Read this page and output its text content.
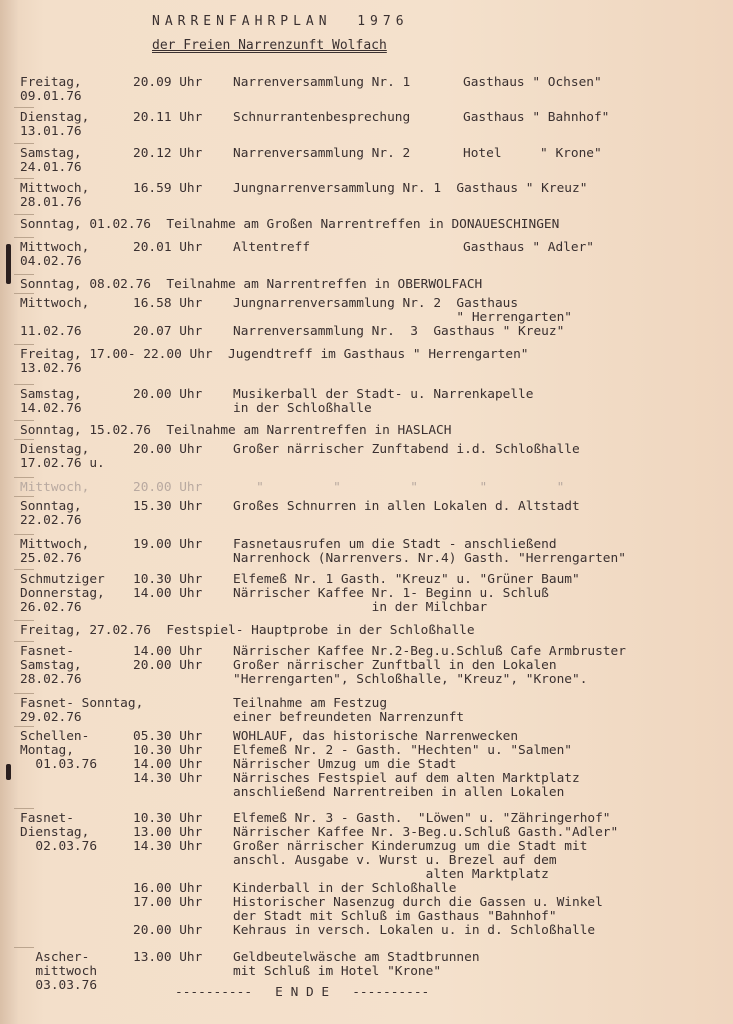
NARRENFAHRPLAN  1976
der Freien Narrenzunft Wolfach
Freitag,	20.09 Uhr Narrenversammlung Nr. 1	Gasthaus " Ochsen"
09.01.76
Dienstag,	20.11 Uhr Schnurrantenbesprechung	Gasthaus " Bahnhof"
13.01.76
Samstag,	20.12 Uhr Narrenversammlung Nr. 2	Hotel     " Krone"
24.01.76
Mittwoch,	16.59 Uhr Jungnarrenversammlung Nr. 1  Gasthaus " Kreuz"
28.01.76
Sonntag, 01.02.76  Teilnahme am Großen Narrentreffen in DONAUESCHINGEN
Mittwoch,	20.01 Uhr Altentreff	Gasthaus " Adler"
04.02.76
Sonntag, 08.02.76  Teilnahme am Narrentreffen in OBERWOLFACH
Mittwoch,	16.58 Uhr Jungnarrenversammlung Nr. 2  Gasthaus
" Herrengarten"
11.02.76	20.07 Uhr Narrenversammlung Nr.  3  Gasthaus " Kreuz"
Freitag, 17.00- 22.00 Uhr  Jugendtreff im Gasthaus " Herrengarten"
13.02.76
Samstag,	20.00 Uhr Musikerball der Stadt- u. Narrenkapelle
14.02.76	in der Schloßhalle
Sonntag, 15.02.76  Teilnahme am Narrentreffen in HASLACH
Dienstag,	20.00 Uhr Großer närrischer Zunftabend i.d. Schloßhalle
17.02.76 u.
Mittwoch,	20.00 Uhr "         "         "        "         "
Sonntag,	15.30 Uhr Großes Schnurren in allen Lokalen d. Altstadt
22.02.76
Mittwoch,	19.00 Uhr Fasnetausrufen um die Stadt - anschließend
25.02.76	Narrenhock (Narrenvers. Nr.4) Gasth. "Herrengarten"
Schmutziger 10.30 Uhr Elfemeß Nr. 1 Gasth. "Kreuz" u. "Grüner Baum"
Donnerstag, 14.00 Uhr Närrischer Kaffee Nr. 1- Beginn u. Schluß
26.02.76	in der Milchbar
Freitag, 27.02.76  Festspiel- Hauptprobe in der Schloßhalle
Fasnet-	14.00 Uhr Närrischer Kaffee Nr.2-Beg.u.Schluß Cafe Armbruster
Samstag,	20.00 Uhr Großer närrischer Zunftball in den Lokalen
28.02.76	"Herrengarten", Schloßhalle, "Kreuz", "Krone".
Fasnet- Sonntag,	Teilnahme am Festzug
29.02.76	einer befreundeten Narrenzunft
Schellen-	05.30 Uhr WOHLAUF, das historische Narrenwecken
Montag,	10.30 Uhr Elfemeß Nr. 2 - Gasth. "Hechten" u. "Salmen"
01.03.76	14.00 Uhr Närrischer Umzug um die Stadt
14.30 Uhr Närrisches Festspiel auf dem alten Marktplatz
anschließend Narrentreiben in allen Lokalen
Fasnet-	10.30 Uhr Elfemeß Nr. 3 - Gasth.  "Löwen" u. "Zähringerhof"
Dienstag,	13.00 Uhr Närrischer Kaffee Nr. 3-Beg.u.Schluß Gasth."Adler"
02.03.76	14.30 Uhr Großer närrischer Kinderumzug um die Stadt mit
anschl. Ausgabe v. Wurst u. Brezel auf dem
alten Marktplatz
16.00 Uhr Kinderball in der Schloßhalle
17.00 Uhr Historischer Nasenzug durch die Gassen u. Winkel
der Stadt mit Schluß im Gasthaus "Bahnhof"
20.00 Uhr Kehraus in versch. Lokalen u. in d. Schloßhalle
Ascher-	13.00 Uhr Geldbeutelwäsche am Stadtbrunnen
mittwoch	mit Schluß im Hotel "Krone"
03.03.76	----------   E N D E   ----------
